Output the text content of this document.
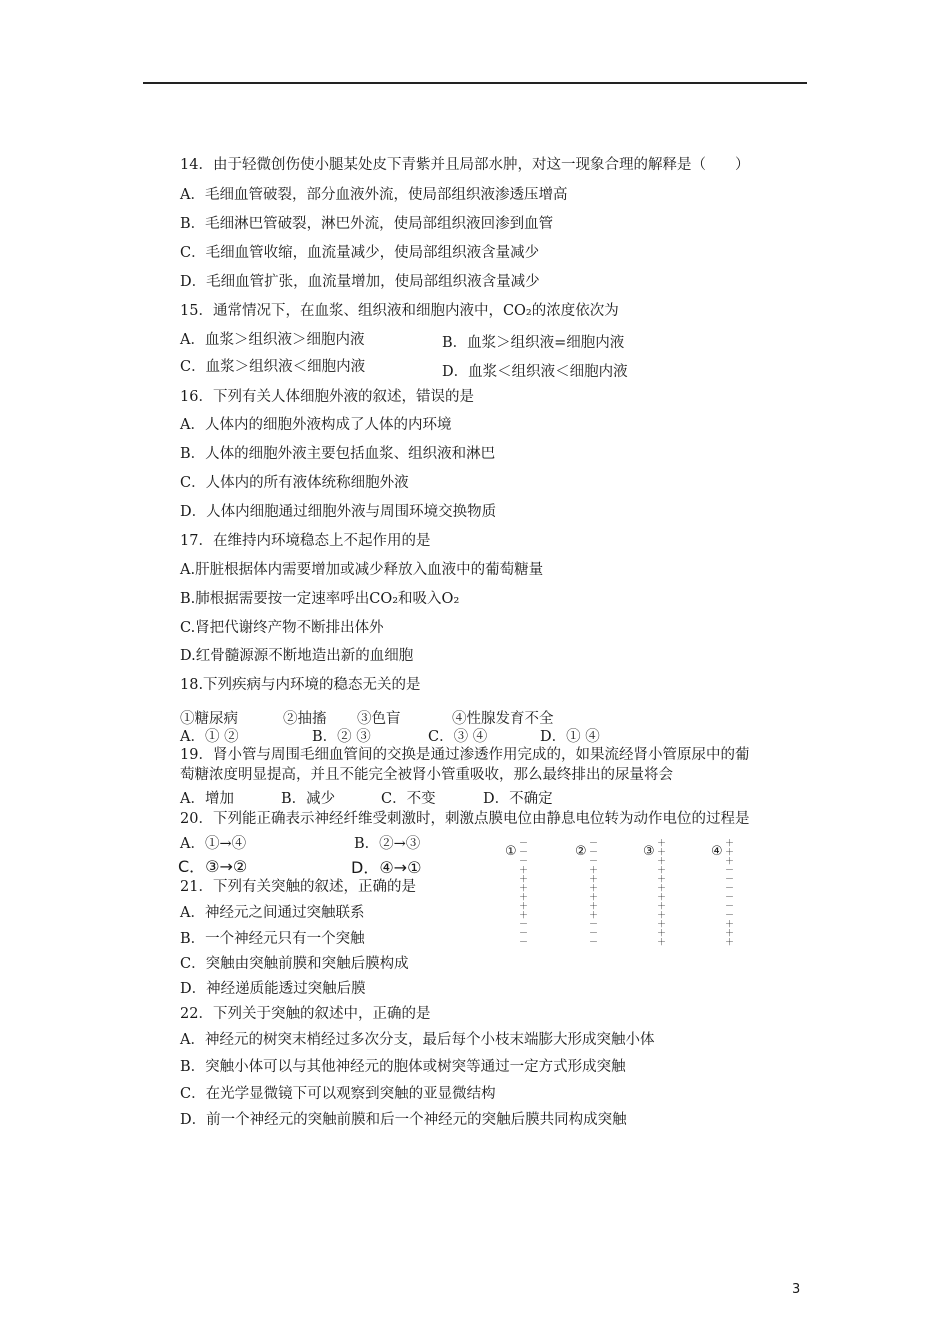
14．由于轻微创伤使小腿某处皮下青紫并且局部水肿，对这一现象合理的解释是（　　）
A．毛细血管破裂，部分血液外流，使局部组织液渗透压增高
B．毛细淋巴管破裂，淋巴外流，使局部组织液回渗到血管
C．毛细血管收缩，血流量减少，使局部组织液含量减少
D．毛细血管扩张，血流量增加，使局部组织液含量减少
15．通常情况下，在血浆、组织液和细胞内液中，CO₂的浓度依次为
A．血浆＞组织液＞细胞内液	B．血浆＞组织液=细胞内液
C．血浆＞组织液＜细胞内液	D．血浆＜组织液＜细胞内液
16．下列有关人体细胞外液的叙述，错误的是
A．人体内的细胞外液构成了人体的内环境
B．人体的细胞外液主要包括血浆、组织液和淋巴
C．人体内的所有液体统称细胞外液
D．人体内细胞通过细胞外液与周围环境交换物质
17．在维持内环境稳态上不起作用的是
A.肝脏根据体内需要增加或减少释放入血液中的葡萄糖量
B.肺根据需要按一定速率呼出CO₂和吸入O₂
C.肾把代谢终产物不断排出体外
D.红骨髓源源不断地造出新的血细胞
18.下列疾病与内环境的稳态无关的是
①糖尿病	②抽搐 ③色盲	④性腺发育不全
A．① ②	B．② ③	C．③ ④	D．① ④
19．肾小管与周围毛细血管间的交换是通过渗透作用完成的，如果流经肾小管原尿中的葡
萄糖浓度明显提高，并且不能完全被肾小管重吸收，那么最终排出的尿量将会
A．增加	B．减少	C．不变	D．不确定
20．下列能正确表示神经纤维受刺激时，刺激点膜电位由静息电位转为动作电位的过程是
A．①→④	B．②→③
C．③→②	D．④→①
① －－－
＋＋＋
＋＋＋
－－－
② －－－
＋＋＋
＋＋＋
－－－
③ ＋＋＋
＋＋＋
＋＋＋
＋＋＋
④ ＋＋＋
－－－
－－－
＋＋＋
21．下列有关突触的叙述，正确的是
A．神经元之间通过突触联系
B．一个神经元只有一个突触
C．突触由突触前膜和突触后膜构成
D．神经递质能透过突触后膜
22．下列关于突触的叙述中，正确的是
A．神经元的树突末梢经过多次分支，最后每个小枝末端膨大形成突触小体
B．突触小体可以与其他神经元的胞体或树突等通过一定方式形成突触
C．在光学显微镜下可以观察到突触的亚显微结构
D．前一个神经元的突触前膜和后一个神经元的突触后膜共同构成突触
3
